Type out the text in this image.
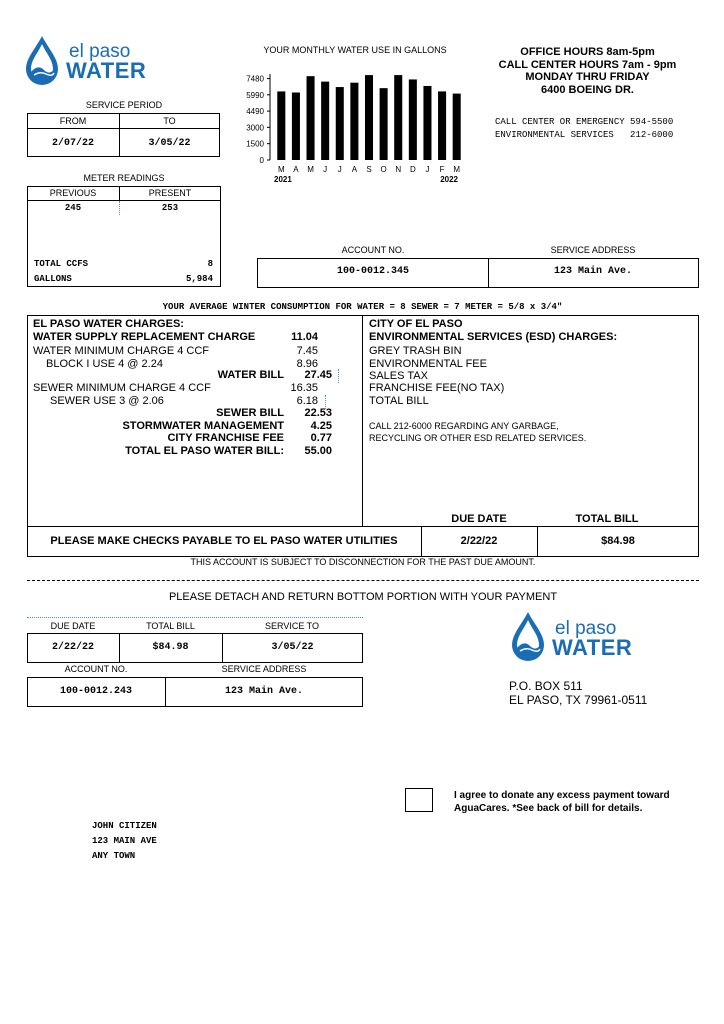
el paso
WATER
YOUR MONTHLY WATER USE IN GALLONS
0
1500
3000
4490
5990
7480
M A M J J A S O N D J F M
2021	2022
OFFICE HOURS 8am-5pm
CALL CENTER HOURS 7am - 9pm
MONDAY THRU FRIDAY
6400 BOEING DR.
CALL CENTER OR EMERGENCY 594-5500
ENVIRONMENTAL SERVICES 212-6000
SERVICE PERIOD
FROM	TO
2/07/22	3/05/22
METER READINGS
PREVIOUS	PRESENT
245	253
TOTAL CCFS	8
GALLONS	5,984
ACCOUNT NO.	SERVICE ADDRESS
100-0012.345	123 Main Ave.
YOUR AVERAGE WINTER CONSUMPTION FOR WATER = 8 SEWER = 7 METER = 5/8 x 3/4"
EL PASO WATER CHARGES:
WATER SUPPLY REPLACEMENT CHARGE	11.04
WATER MINIMUM CHARGE 4 CCF	7.45
BLOCK I USE 4 @ 2.24	8.96
WATER BILL	27.45
SEWER MINIMUM CHARGE 4 CCF	16.35
SEWER USE 3 @ 2.06	6.18
SEWER BILL	22.53
STORMWATER MANAGEMENT	4.25
CITY FRANCHISE FEE	0.77
TOTAL EL PASO WATER BILL:	55.00
CITY OF EL PASO
ENVIRONMENTAL SERVICES (ESD) CHARGES:
GREY TRASH BIN
ENVIRONMENTAL FEE
SALES TAX
FRANCHISE FEE(NO TAX)
TOTAL BILL
CALL 212-6000 REGARDING ANY GARBAGE,
RECYCLING OR OTHER ESD RELATED SERVICES.
DUE DATE	TOTAL BILL
PLEASE MAKE CHECKS PAYABLE TO EL PASO WATER UTILITIES	2/22/22	$84.98
THIS ACCOUNT IS SUBJECT TO DISCONNECTION FOR THE PAST DUE AMOUNT.
PLEASE DETACH AND RETURN BOTTOM PORTION WITH YOUR PAYMENT
DUE DATE	TOTAL BILL	SERVICE TO
2/22/22	$84.98	3/05/22
ACCOUNT NO.	SERVICE ADDRESS
100-0012.243	123 Main Ave.
el paso
WATER
P.O. BOX 511
EL PASO, TX 79961-0511
I agree to donate any excess payment toward
AguaCares. *See back of bill for details.
JOHN CITIZEN
123 MAIN AVE
ANY TOWN
